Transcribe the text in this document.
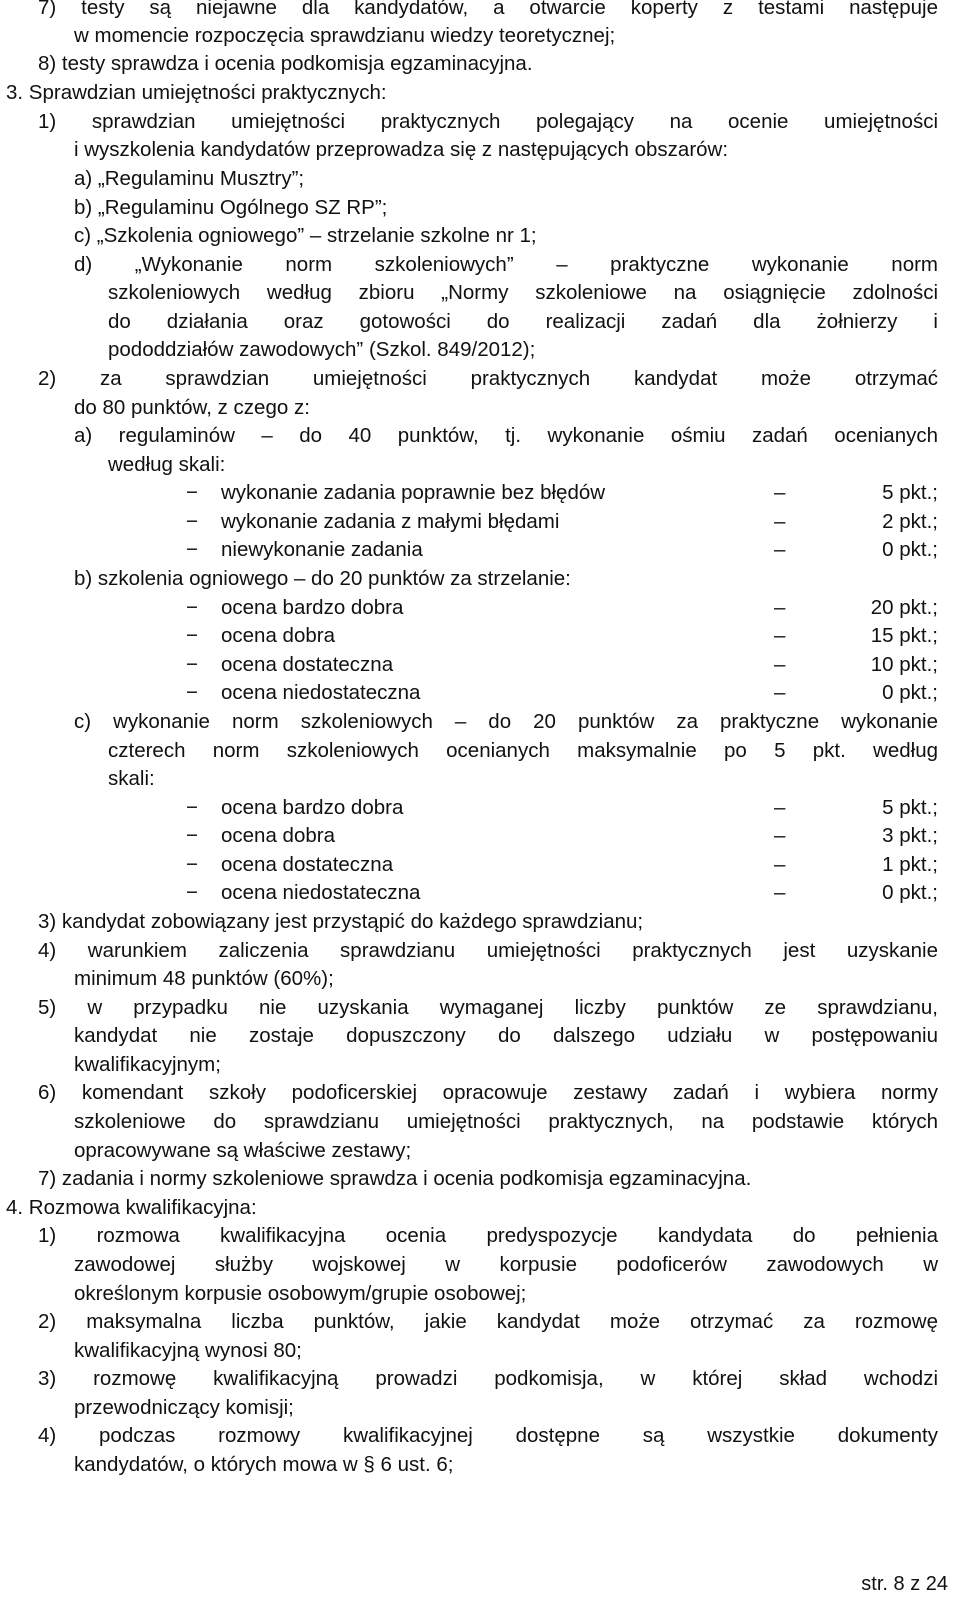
7) testy są niejawne dla kandydatów, a otwarcie koperty z testami następuje
w momencie rozpoczęcia sprawdzianu wiedzy teoretycznej;
8) testy sprawdza i ocenia podkomisja egzaminacyjna.
3. Sprawdzian umiejętności praktycznych:
1) sprawdzian umiejętności praktycznych polegający na ocenie umiejętności
i wyszkolenia kandydatów przeprowadza się z następujących obszarów:
a) „Regulaminu Musztry”;
b) „Regulaminu Ogólnego SZ RP”;
c) „Szkolenia ogniowego” – strzelanie szkolne nr 1;
d) „Wykonanie norm szkoleniowych” – praktyczne wykonanie norm
szkoleniowych według zbioru „Normy szkoleniowe na osiągnięcie zdolności
do działania oraz gotowości do realizacji zadań dla żołnierzy i
pododdziałów zawodowych” (Szkol. 849/2012);
2) za sprawdzian umiejętności praktycznych kandydat może otrzymać
do 80 punktów, z czego z:
a) regulaminów – do 40 punktów, tj. wykonanie ośmiu zadań ocenianych
według skali:
− wykonanie zadania poprawnie bez błędów	–	5 pkt.;
− wykonanie zadania z małymi błędami	–	2 pkt.;
− niewykonanie zadania	–	0 pkt.;
b) szkolenia ogniowego – do 20 punktów za strzelanie:
− ocena bardzo dobra	–	20 pkt.;
− ocena dobra	–	15 pkt.;
− ocena dostateczna	–	10 pkt.;
− ocena niedostateczna	–	0 pkt.;
c) wykonanie norm szkoleniowych – do 20 punktów za praktyczne wykonanie
czterech norm szkoleniowych ocenianych maksymalnie po 5 pkt. według
skali:
− ocena bardzo dobra	–	5 pkt.;
− ocena dobra	–	3 pkt.;
− ocena dostateczna	–	1 pkt.;
− ocena niedostateczna	–	0 pkt.;
3) kandydat zobowiązany jest przystąpić do każdego sprawdzianu;
4) warunkiem zaliczenia sprawdzianu umiejętności praktycznych jest uzyskanie
minimum 48 punktów (60%);
5) w przypadku nie uzyskania wymaganej liczby punktów ze sprawdzianu,
kandydat nie zostaje dopuszczony do dalszego udziału w postępowaniu
kwalifikacyjnym;
6) komendant szkoły podoficerskiej opracowuje zestawy zadań i wybiera normy
szkoleniowe do sprawdzianu umiejętności praktycznych, na podstawie których
opracowywane są właściwe zestawy;
7) zadania i normy szkoleniowe sprawdza i ocenia podkomisja egzaminacyjna.
4. Rozmowa kwalifikacyjna:
1) rozmowa kwalifikacyjna ocenia predyspozycje kandydata do pełnienia
zawodowej służby wojskowej w korpusie podoficerów zawodowych w
określonym korpusie osobowym/grupie osobowej;
2) maksymalna liczba punktów, jakie kandydat może otrzymać za rozmowę
kwalifikacyjną wynosi 80;
3) rozmowę kwalifikacyjną prowadzi podkomisja, w której skład wchodzi
przewodniczący komisji;
4) podczas rozmowy kwalifikacyjnej dostępne są wszystkie dokumenty
kandydatów, o których mowa w § 6 ust. 6;
str. 8 z 24
